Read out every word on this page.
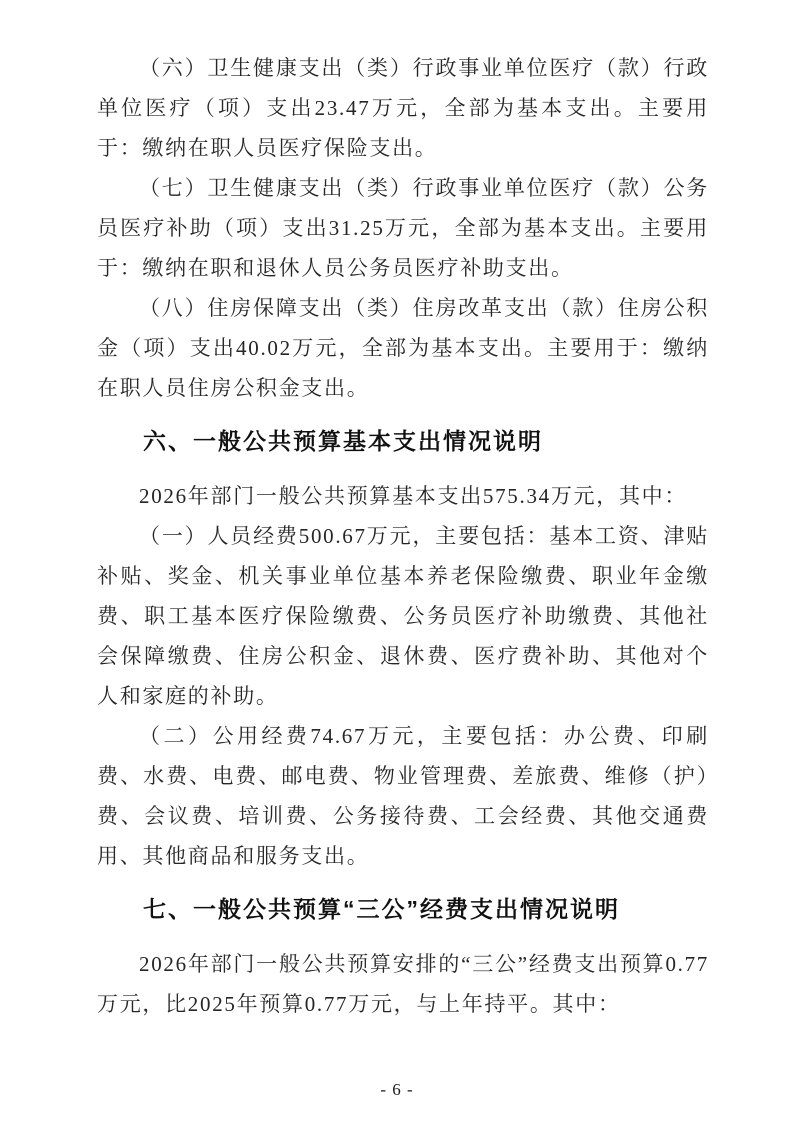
（六）卫生健康支出（类）行政事业单位医疗（款）行政单位医疗（项）支出23.47万元，全部为基本支出。主要用于：缴纳在职人员医疗保险支出。

（七）卫生健康支出（类）行政事业单位医疗（款）公务员医疗补助（项）支出31.25万元，全部为基本支出。主要用于：缴纳在职和退休人员公务员医疗补助支出。

（八）住房保障支出（类）住房改革支出（款）住房公积金（项）支出40.02万元，全部为基本支出。主要用于：缴纳在职人员住房公积金支出。

六、一般公共预算基本支出情况说明

2026年部门一般公共预算基本支出575.34万元，其中：

（一）人员经费500.67万元，主要包括：基本工资、津贴补贴、奖金、机关事业单位基本养老保险缴费、职业年金缴费、职工基本医疗保险缴费、公务员医疗补助缴费、其他社会保障缴费、住房公积金、退休费、医疗费补助、其他对个人和家庭的补助。

（二）公用经费74.67万元，主要包括：办公费、印刷费、水费、电费、邮电费、物业管理费、差旅费、维修（护）费、会议费、培训费、公务接待费、工会经费、其他交通费用、其他商品和服务支出。

七、一般公共预算“三公”经费支出情况说明

2026年部门一般公共预算安排的“三公”经费支出预算0.77万元，比2025年预算0.77万元，与上年持平。其中：

- 6 -
